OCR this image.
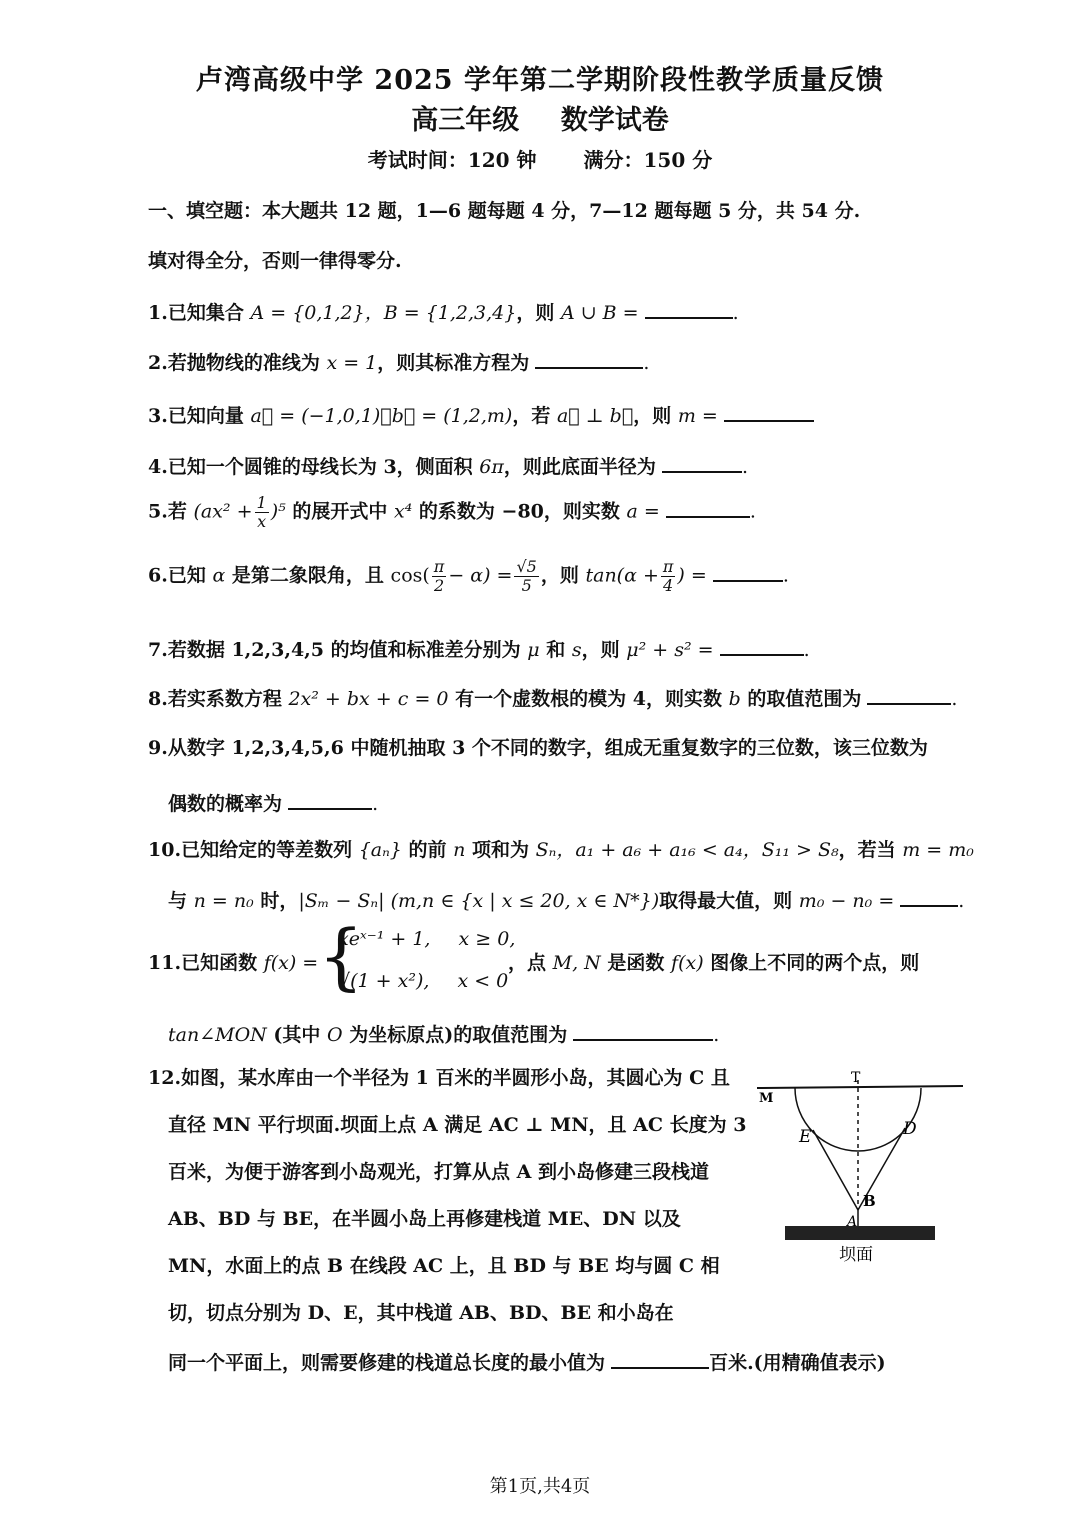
卢湾高级中学 2025 学年第二学期阶段性教学质量反馈
高三年级 数学试卷
考试时间：120 钟 满分：150 分
一、填空题：本大题共 12 题，1—6 题每题 4 分，7—12 题每题 5 分，共 54 分.
填对得全分，否则一律得零分.
1.已知集合 A = {0,1,2}，B = {1,2,3,4}，则 A ∪ B =	.
2.若抛物线的准线为 x = 1，则其标准方程为	.
3.已知向量 a⃗ = (−1,0,1)，b⃗ = (1,2,m)，若 a⃗ ⊥ b⃗，则 m =
4.已知一个圆锥的母线长为 3，侧面积 6π，则此底面半径为	.
5.若 $(ax^2 + \frac{1}{x} )^5$ 的展开式中 x⁴ 的系数为 −80，则实数 a =	.
6.已知 α 是第二象限角，且 $\cos( \frac{\pi}{2} - \alpha) = \frac{√5}{5}$ ，则 $\tan(\alpha + \frac{\pi}{4}$ ) =	.
7.若数据 1,2,3,4,5 的均值和标准差分别为 μ 和 s，则 μ² + s² =	.
8.若实系数方程 2x² + bx + c = 0 有一个虚数根的模为 4，则实数 b 的取值范围为	.
9.从数字 1,2,3,4,5,6 中随机抽取 3 个不同的数字，组成无重复数字的三位数，该三位数为
偶数的概率为	.
10.已知给定的等差数列 {aₙ} 的前 n 项和为 Sₙ，a₁ + a₆ + a₁₆ < a₄，S₁₁ > S₈，若当 m = m₀
与 n = n₀ 时，|Sₘ − Sₙ| (m,n ∈ {x | x ≤ 20, x ∈ N*})取得最大值，则 m₀ − n₀ =	.
11.已知函数 f(x) = {
xeˣ⁻¹ + 1, x ≥ 0,
√(1 + x²), x < 0
，点 M, N 是函数 f(x) 图像上不同的两个点，则
tan∠MON (其中 O 为坐标原点)的取值范围为	.
12.如图，某水库由一个半径为 1 百米的半圆形小岛，其圆心为 C 且
直径 MN 平行坝面.坝面上点 A 满足 AC ⊥ MN，且 AC 长度为 3
百米，为便于游客到小岛观光，打算从点 A 到小岛修建三段栈道
AB、BD 与 BE，在半圆小岛上再修建栈道 ME、DN 以及
MN，水面上的点 B 在线段 AC 上，且 BD 与 BE 均与圆 C 相
切，切点分别为 D、E，其中栈道 AB、BD、BE 和小岛在
同一个平面上，则需要修建的栈道总长度的最小值为	百米.(用精确值表示)
M
T
E	D
B
A
坝面
第1页,共4页
